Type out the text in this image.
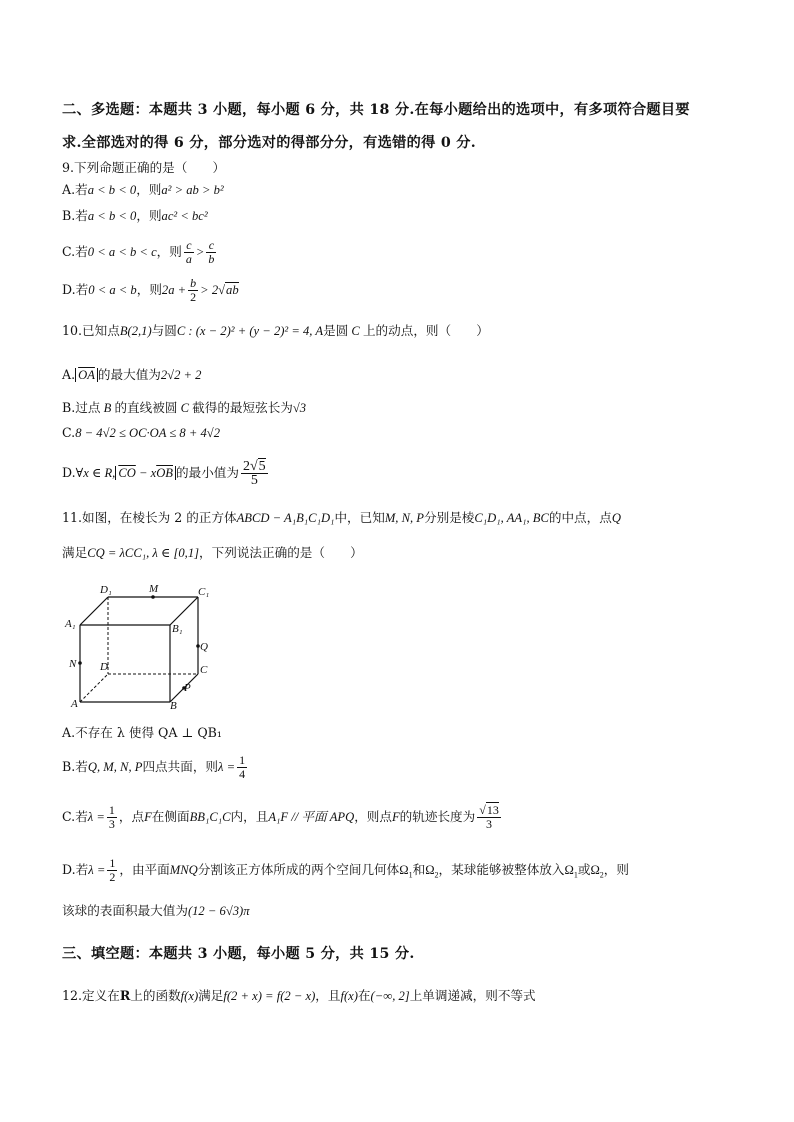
二、多选题：本题共 3 小题，每小题 6 分，共 18 分.在每小题给出的选项中，有多项符合题目要
求.全部选对的得 6 分，部分选对的得部分分，有选错的得 0 分.
9.下列命题正确的是（　　）
A.若a < b < 0，则a² > ab > b²
B.若a < b < 0，则ac² < bc²
C.若0 < a < b < c，则 $\frac{c}{a} > \frac{c}{b}$
D.若0 < a < b，则$2a + \frac{b}{2} > 2√ab$
10.已知点B(2,1)与圆C : (x − 2)² + (y − 2)² = 4, A是圆 C 上的动点，则（　　）
A. $\overline{OA}$ 的最大值为2√2 + 2
B.过点 B 的直线被圆 C 截得的最短弦长为√3
C.8 − 4√2 ≤ OC·OA ≤ 8 + 4√2
D.∀x ∈ R, $\overline{CO} - x\overline{OB}$ 的最小值为 $\frac{2√5}{5}$
11.如图，在棱长为 2 的正方体ABCD − A₁B₁C₁D₁中，已知M, N, P分别是棱C₁D₁, AA₁, BC的中点，点Q
满足CQ = λCC₁, λ ∈ [0,1]，下列说法正确的是（　　）
D₁	M	C₁
A₁	B₁
Q
N D	C
P
A	B
A.不存在 λ 使得 QA ⊥ QB₁
B.若Q, M, N, P四点共面，则$\lambda = \frac{1}{4}$
C.若$\lambda = \frac{1}{3}$ ，点F在侧面BB₁C₁C内，且A₁F // 平面 APQ，则点F的轨迹长度为 $\frac{√13}{3}$
D.若$\lambda = \frac{1}{2}$ ，由平面MNQ分割该正方体所成的两个空间几何体$\Omega_1$和$\Omega_2$，某球能够被整体放入$\Omega_1$或$\Omega_2$，则
该球的表面积最大值为(12 − 6√3)π
三、填空题：本题共 3 小题，每小题 5 分，共 15 分.
12.定义在R上的函数f(x)满足f(2 + x) = f(2 − x)，且f(x)在(−∞, 2]上单调递减，则不等式
